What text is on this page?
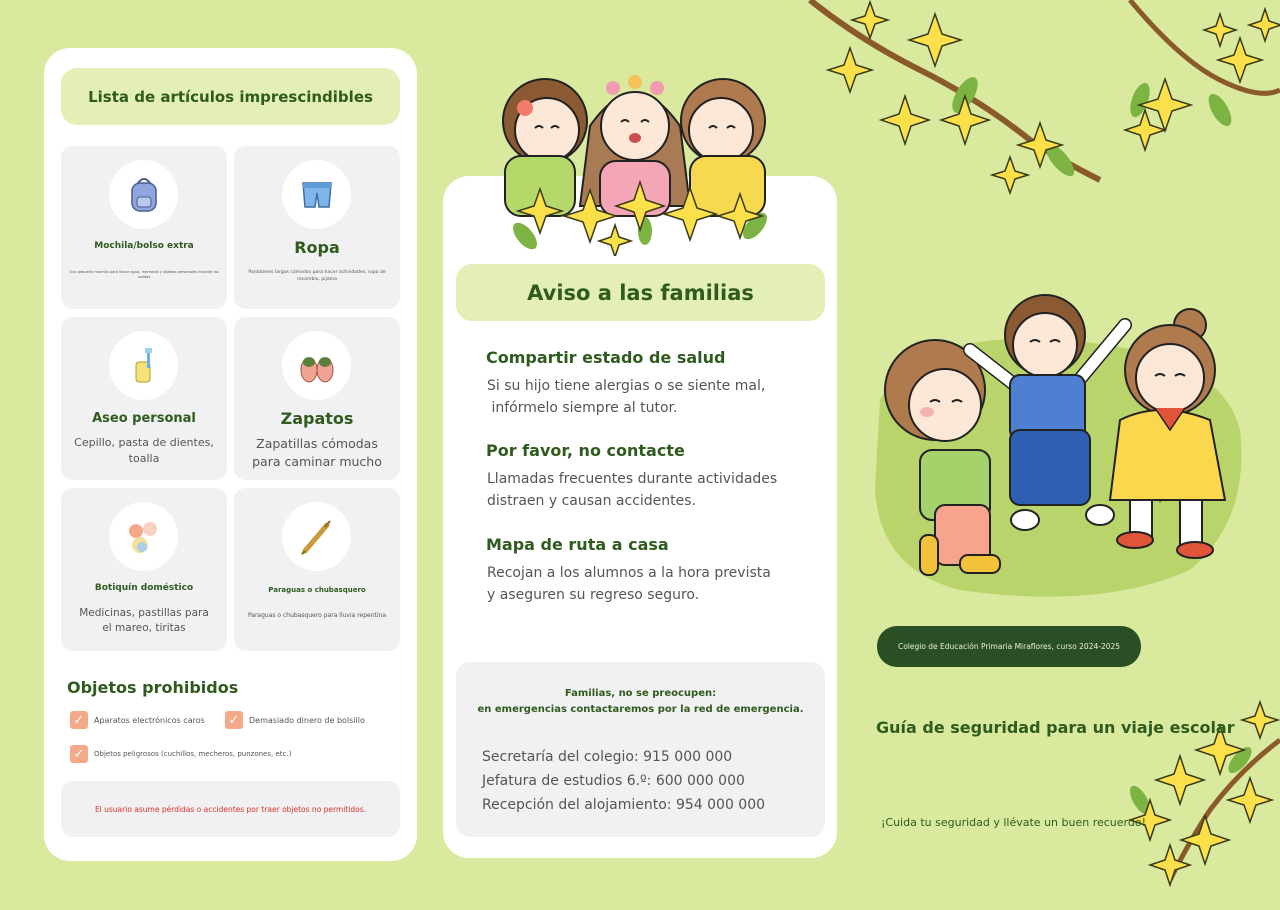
Lista de artículos imprescindibles
Mochila/bolso extra
Una pequeña mochila para llevar agua, merienda y objetos personales durante las salidas
Ropa
Pantalones largos cómodos para hacer actividades, ropa de recambio, pijama
Aseo personal
Cepillo, pasta de dientes, toalla
Zapatos
Zapatillas cómodas para caminar mucho
Botiquín doméstico
Medicinas, pastillas para el mareo, tiritas
Paraguas o chubasquero
Paraguas o chubasquero para lluvia repentina
Objetos prohibidos
✓	Aparatos electrónicos caros ✓	Demasiado dinero de bolsillo
✓	Objetos peligrosos (cuchillos, mecheros, punzones, etc.)
El usuario asume pérdidas o accidentes por traer objetos no permitidos.
Aviso a las familias
Compartir estado de salud
Si su hijo tiene alergias o se siente mal,
infórmelo siempre al tutor.
Por favor, no contacte
Llamadas frecuentes durante actividades
distraen y causan accidentes.
Mapa de ruta a casa
Recojan a los alumnos a la hora prevista
y aseguren su regreso seguro.
Familias, no se preocupen:
en emergencias contactaremos por la red de emergencia.
Secretaría del colegio: 915 000 000
Jefatura de estudios 6.º: 600 000 000
Recepción del alojamiento: 954 000 000
Colegio de Educación Primaria Miraflores, curso 2024-2025
Guía de seguridad para un viaje escolar
¡Cuida tu seguridad y llévate un buen recuerdo!
